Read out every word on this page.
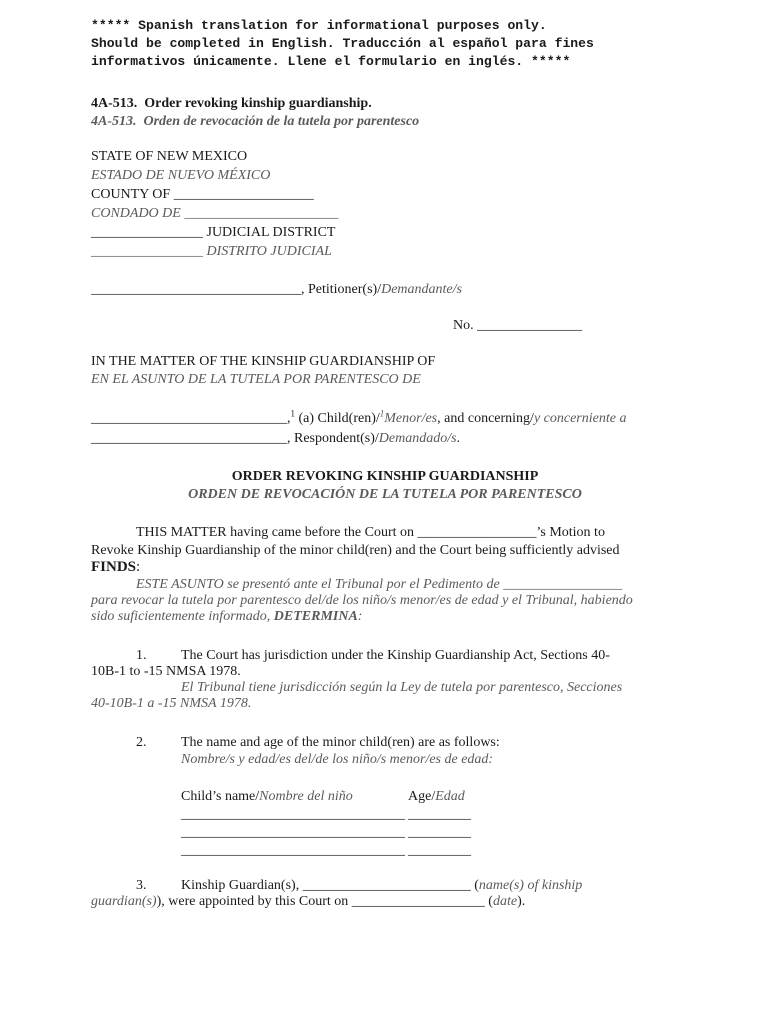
***** Spanish translation for informational purposes only.
Should be completed in English. Traducción al español para fines
informativos únicamente. Llene el formulario en inglés. *****
4A-513.  Order revoking kinship guardianship.
4A-513.  Orden de revocación de la tutela por parentesco
STATE OF NEW MEXICO
ESTADO DE NUEVO MÉXICO
COUNTY OF ____________________
CONDADO DE ______________________
________________ JUDICIAL DISTRICT
________________ DISTRITO JUDICIAL
______________________________, Petitioner(s)/Demandante/s
No. _______________
IN THE MATTER OF THE KINSHIP GUARDIANSHIP OF
EN EL ASUNTO DE LA TUTELA POR PARENTESCO DE
____________________________,$^1$ (a) Child(ren)/$^1$Menor/es, and concerning/y concerniente a
____________________________, Respondent(s)/Demandado/s.
ORDER REVOKING KINSHIP GUARDIANSHIP
ORDEN DE REVOCACIÓN DE LA TUTELA POR PARENTESCO
THIS MATTER having came before the Court on _________________’s Motion to
Revoke Kinship Guardianship of the minor child(ren) and the Court being sufficiently advised
FINDS:
ESTE ASUNTO se presentó ante el Tribunal por el Pedimento de _________________
para revocar la tutela por parentesco del/de los niño/s menor/es de edad y el Tribunal, habiendo
sido suficientemente informado, DETERMINA:
1. The Court has jurisdiction under the Kinship Guardianship Act, Sections 40-
10B-1 to -15 NMSA 1978.
El Tribunal tiene jurisdicción según la Ley de tutela por parentesco, Secciones
40-10B-1 a -15 NMSA 1978.
2. The name and age of the minor child(ren) are as follows:
Nombre/s y edad/es del/de los niño/s menor/es de edad:
Child’s name/Nombre del niño	Age/Edad
________________________________ _________
________________________________ _________
________________________________ _________
3. Kinship Guardian(s), ________________________ (name(s) of kinship
guardian(s)), were appointed by this Court on ___________________ (date).
